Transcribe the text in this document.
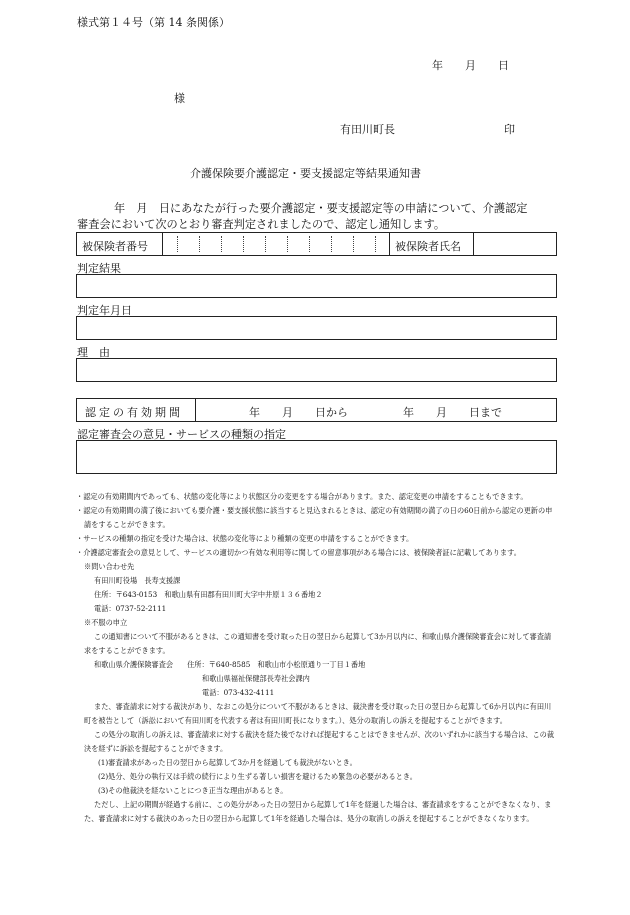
様式第１４号（第 14 条関係）
年　　月　　日
様
有田川町長	印
介護保険要介護認定・要支援認定等結果通知書
年　月　日にあなたが行った要介護認定・要支援認定等の申請について、介護認定
審査会において次のとおり審査判定されましたので、認定し通知します。
被保険者番号	被保険者氏名
判定結果
判定年月日
理　由
認定の有効期間	年　　月　　日から	年　　月　　日まで
認定審査会の意見・サービスの種類の指定

・認定の有効期間内であっても、状態の変化等により状態区分の変更をする場合があります。また、認定変更の申請をすることもできます。

・認定の有効期間の満了後においても要介護・要支援状態に該当すると見込まれるときは、認定の有効期間の満了の日の60日前から認定の更新の申請をすることができます。

・サービスの種類の指定を受けた場合は、状態の変化等により種類の変更の申請をすることができます。

・介護認定審査会の意見として、サービスの適切かつ有効な利用等に関しての留意事項がある場合には、被保険者証に記載してあります。

※問い合わせ先

有田川町役場　長寿支援課

住所：〒643-0153　和歌山県有田郡有田川町大字中井原１３６番地２

電話：0737-52-2111

※不服の申立

この通知書について不服があるときは、この通知書を受け取った日の翌日から起算して3か月以内に、和歌山県介護保険審査会に対して審査請求をすることができます。

和歌山県介護保険審査会 住所：〒640-8585　和歌山市小松原通り一丁目１番地

和歌山県福祉保健部長寿社会課内

電話：073-432-4111

また、審査請求に対する裁決があり、なおこの処分について不服があるときは、裁決書を受け取った日の翌日から起算して6か月以内に有田川町を被告として（訴訟において有田川町を代表する者は有田川町長になります。）、処分の取消しの訴えを提起することができます。

この処分の取消しの訴えは、審査請求に対する裁決を経た後でなければ提起することはできませんが、次のいずれかに該当する場合は、この裁決を経ずに訴訟を提起することができます。

(1)審査請求があった日の翌日から起算して3か月を経過しても裁決がないとき。

(2)処分、処分の執行又は手続の続行により生ずる著しい損害を避けるため緊急の必要があるとき。

(3)その他裁決を経ないことにつき正当な理由があるとき。

ただし、上記の期間が経過する前に、この処分があった日の翌日から起算して1年を経過した場合は、審査請求をすることができなくなり、また、審査請求に対する裁決のあった日の翌日から起算して1年を経過した場合は、処分の取消しの訴えを提起することができなくなります。
